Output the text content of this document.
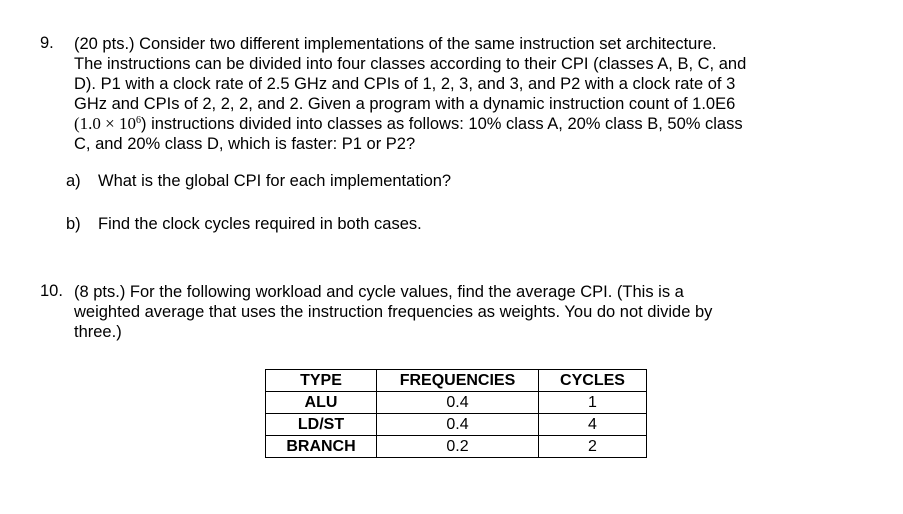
9. (20 pts.) Consider two different implementations of the same instruction set architecture.
The instructions can be divided into four classes according to their CPI (classes A, B, C, and
D). P1 with a clock rate of 2.5 GHz and CPIs of 1, 2, 3, and 3, and P2 with a clock rate of 3
GHz and CPIs of 2, 2, 2, and 2. Given a program with a dynamic instruction count of 1.0E6
$(1.0 \times 10^6)$ instructions divided into classes as follows: 10% class A, 20% class B, 50% class
C, and 20% class D, which is faster: P1 or P2?
a) What is the global CPI for each implementation?
b) Find the clock cycles required in both cases.
10. (8 pts.) For the following workload and cycle values, find the average CPI. (This is a
weighted average that uses the instruction frequencies as weights. You do not divide by
three.)
TYPE	FREQUENCIES	CYCLES
ALU	0.4	1
LD/ST	0.4	4
BRANCH	0.2	2
